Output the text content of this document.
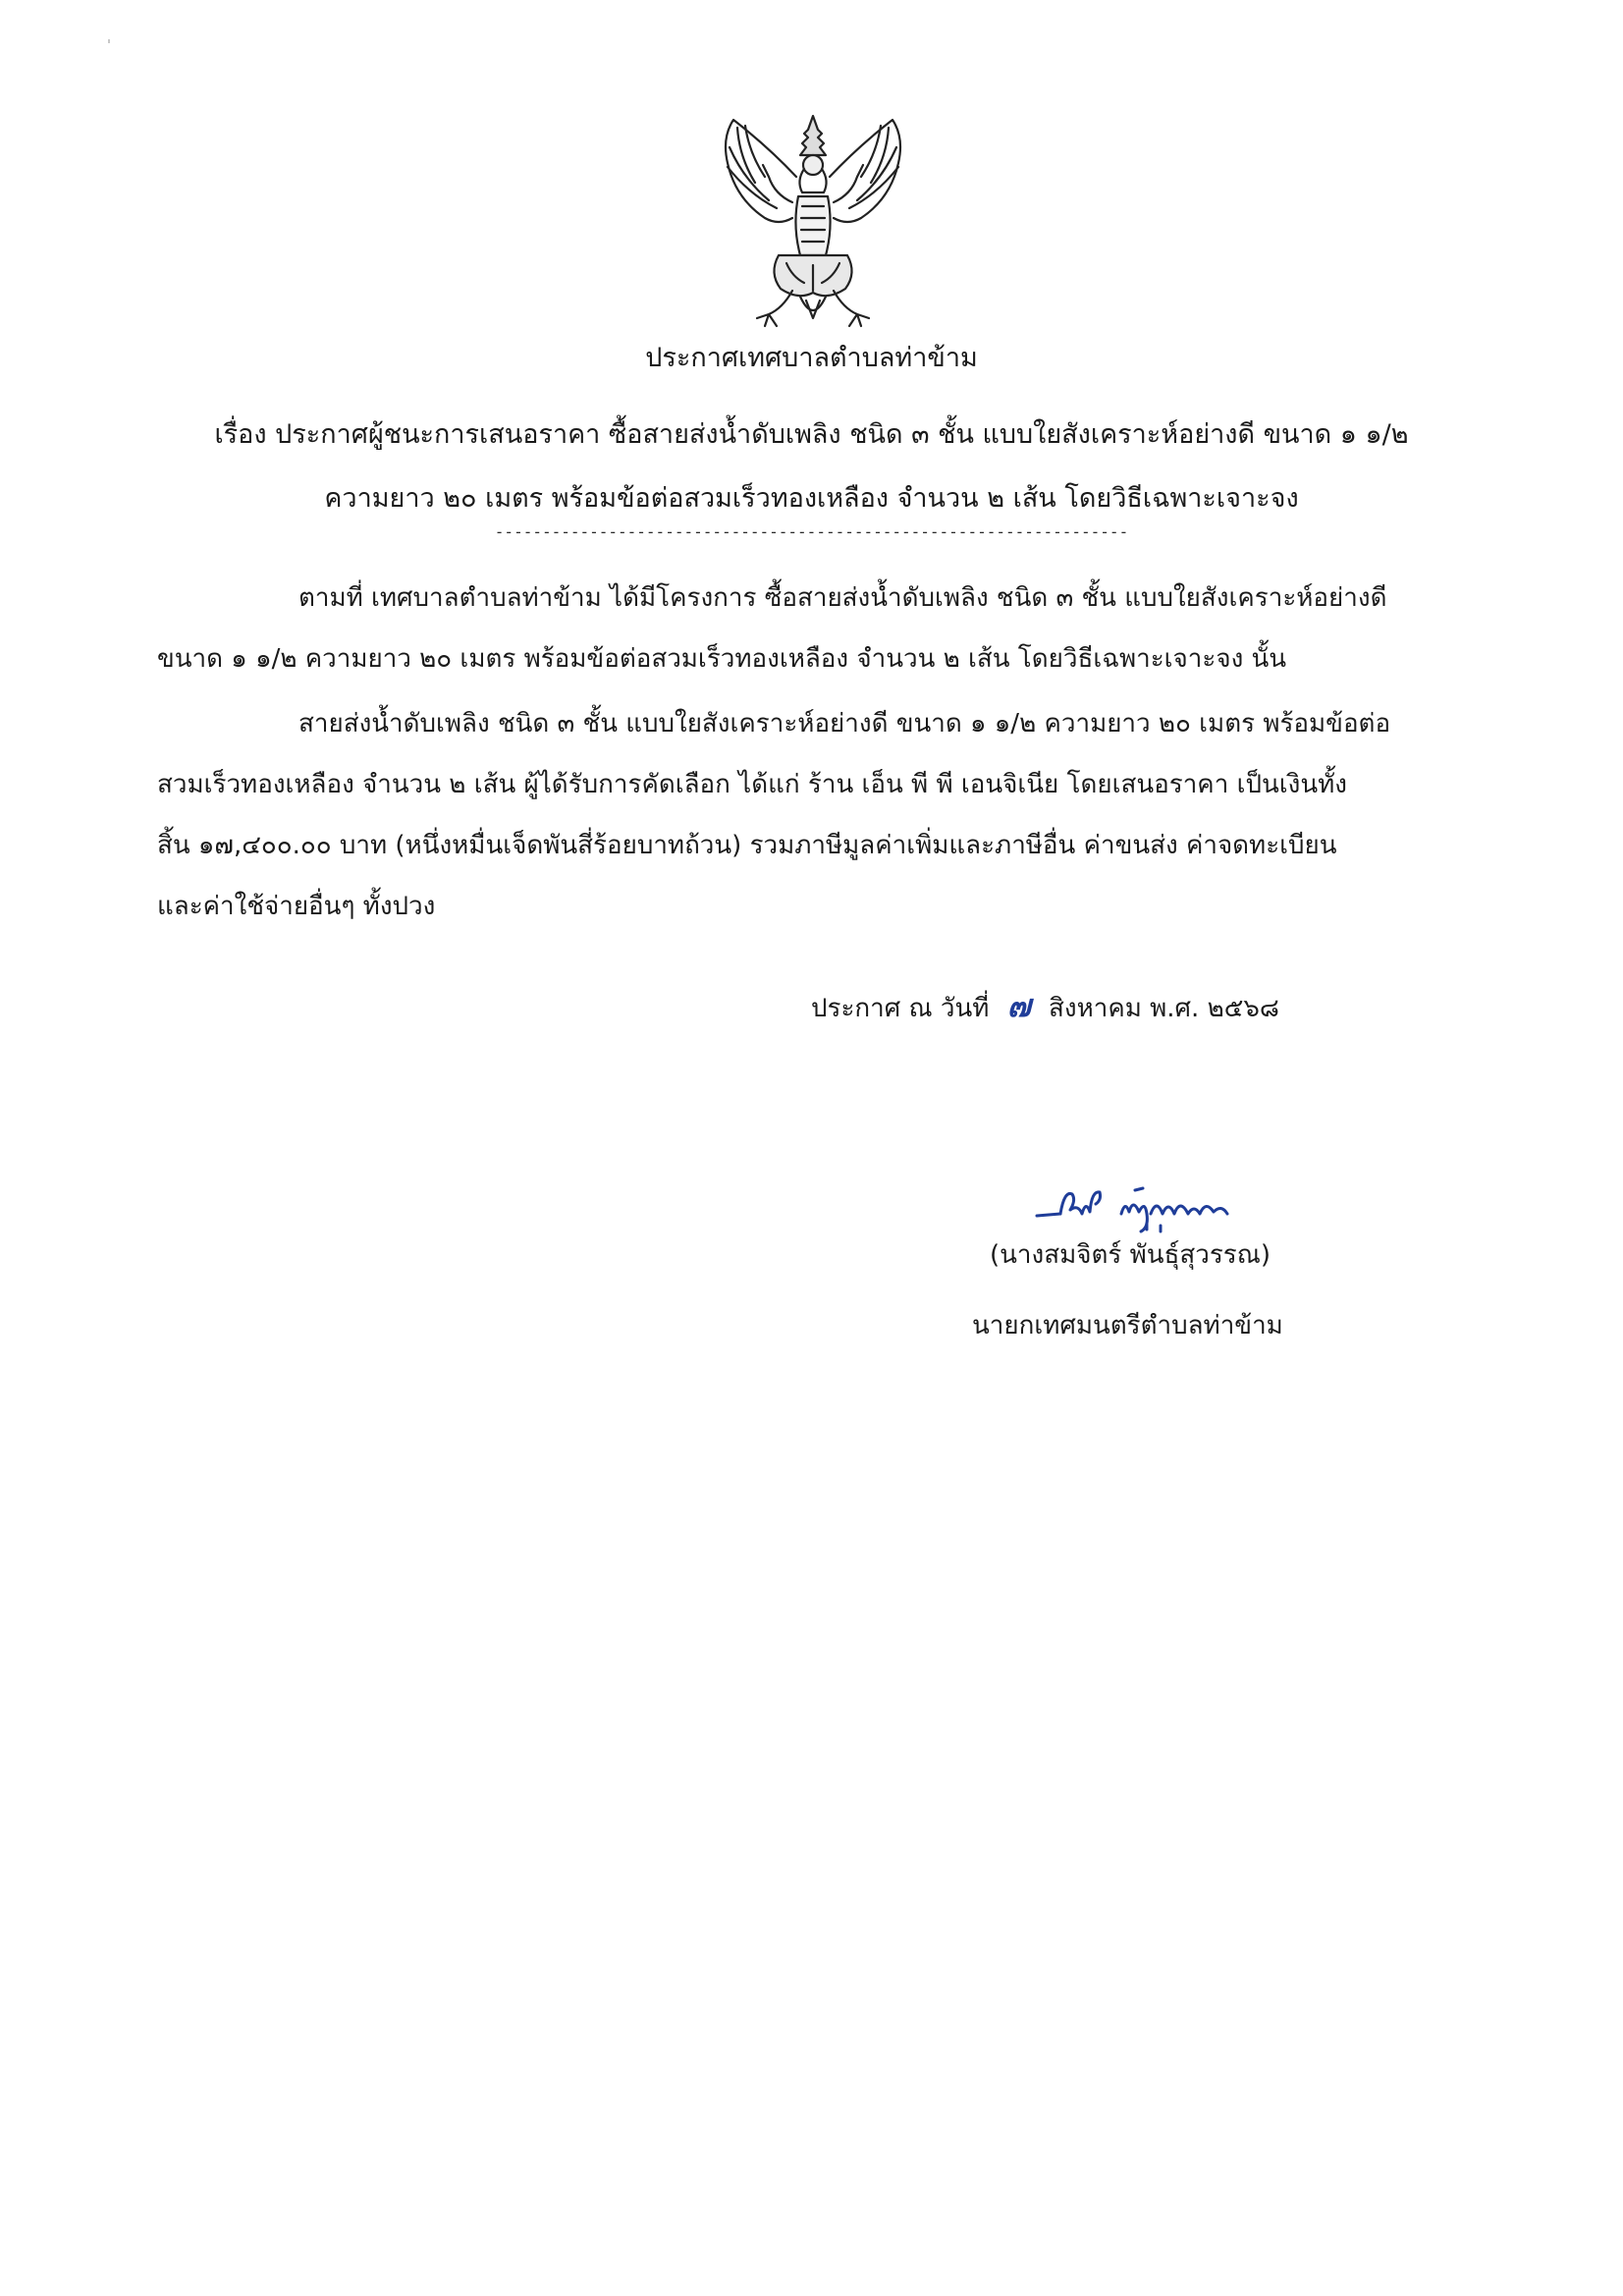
ประกาศเทศบาลตำบลท่าข้าม
เรื่อง ประกาศผู้ชนะการเสนอราคา ซื้อสายส่งน้ำดับเพลิง ชนิด ๓ ชั้น แบบใยสังเคราะห์อย่างดี ขนาด ๑ ๑/๒
ความยาว ๒๐ เมตร พร้อมข้อต่อสวมเร็วทองเหลือง จำนวน ๒ เส้น โดยวิธีเฉพาะเจาะจง
-------------------------------------------------------------------
ตามที่ เทศบาลตำบลท่าข้าม ได้มีโครงการ ซื้อสายส่งน้ำดับเพลิง ชนิด ๓ ชั้น แบบใยสังเคราะห์อย่างดี
ขนาด ๑ ๑/๒ ความยาว ๒๐ เมตร พร้อมข้อต่อสวมเร็วทองเหลือง จำนวน ๒ เส้น โดยวิธีเฉพาะเจาะจง นั้น
สายส่งน้ำดับเพลิง ชนิด ๓ ชั้น แบบใยสังเคราะห์อย่างดี ขนาด ๑ ๑/๒ ความยาว ๒๐ เมตร พร้อมข้อต่อ
สวมเร็วทองเหลือง จำนวน ๒ เส้น ผู้ได้รับการคัดเลือก ได้แก่ ร้าน เอ็น พี พี เอนจิเนีย โดยเสนอราคา เป็นเงินทั้ง
สิ้น ๑๗,๔๐๐.๐๐ บาท (หนึ่งหมื่นเจ็ดพันสี่ร้อยบาทถ้วน) รวมภาษีมูลค่าเพิ่มและภาษีอื่น ค่าขนส่ง ค่าจดทะเบียน
และค่าใช้จ่ายอื่นๆ ทั้งปวง
ประกาศ ณ วันที่ ๗ สิงหาคม พ.ศ. ๒๕๖๘
(นางสมจิตร์ พันธุ์สุวรรณ)
นายกเทศมนตรีตำบลท่าข้าม
